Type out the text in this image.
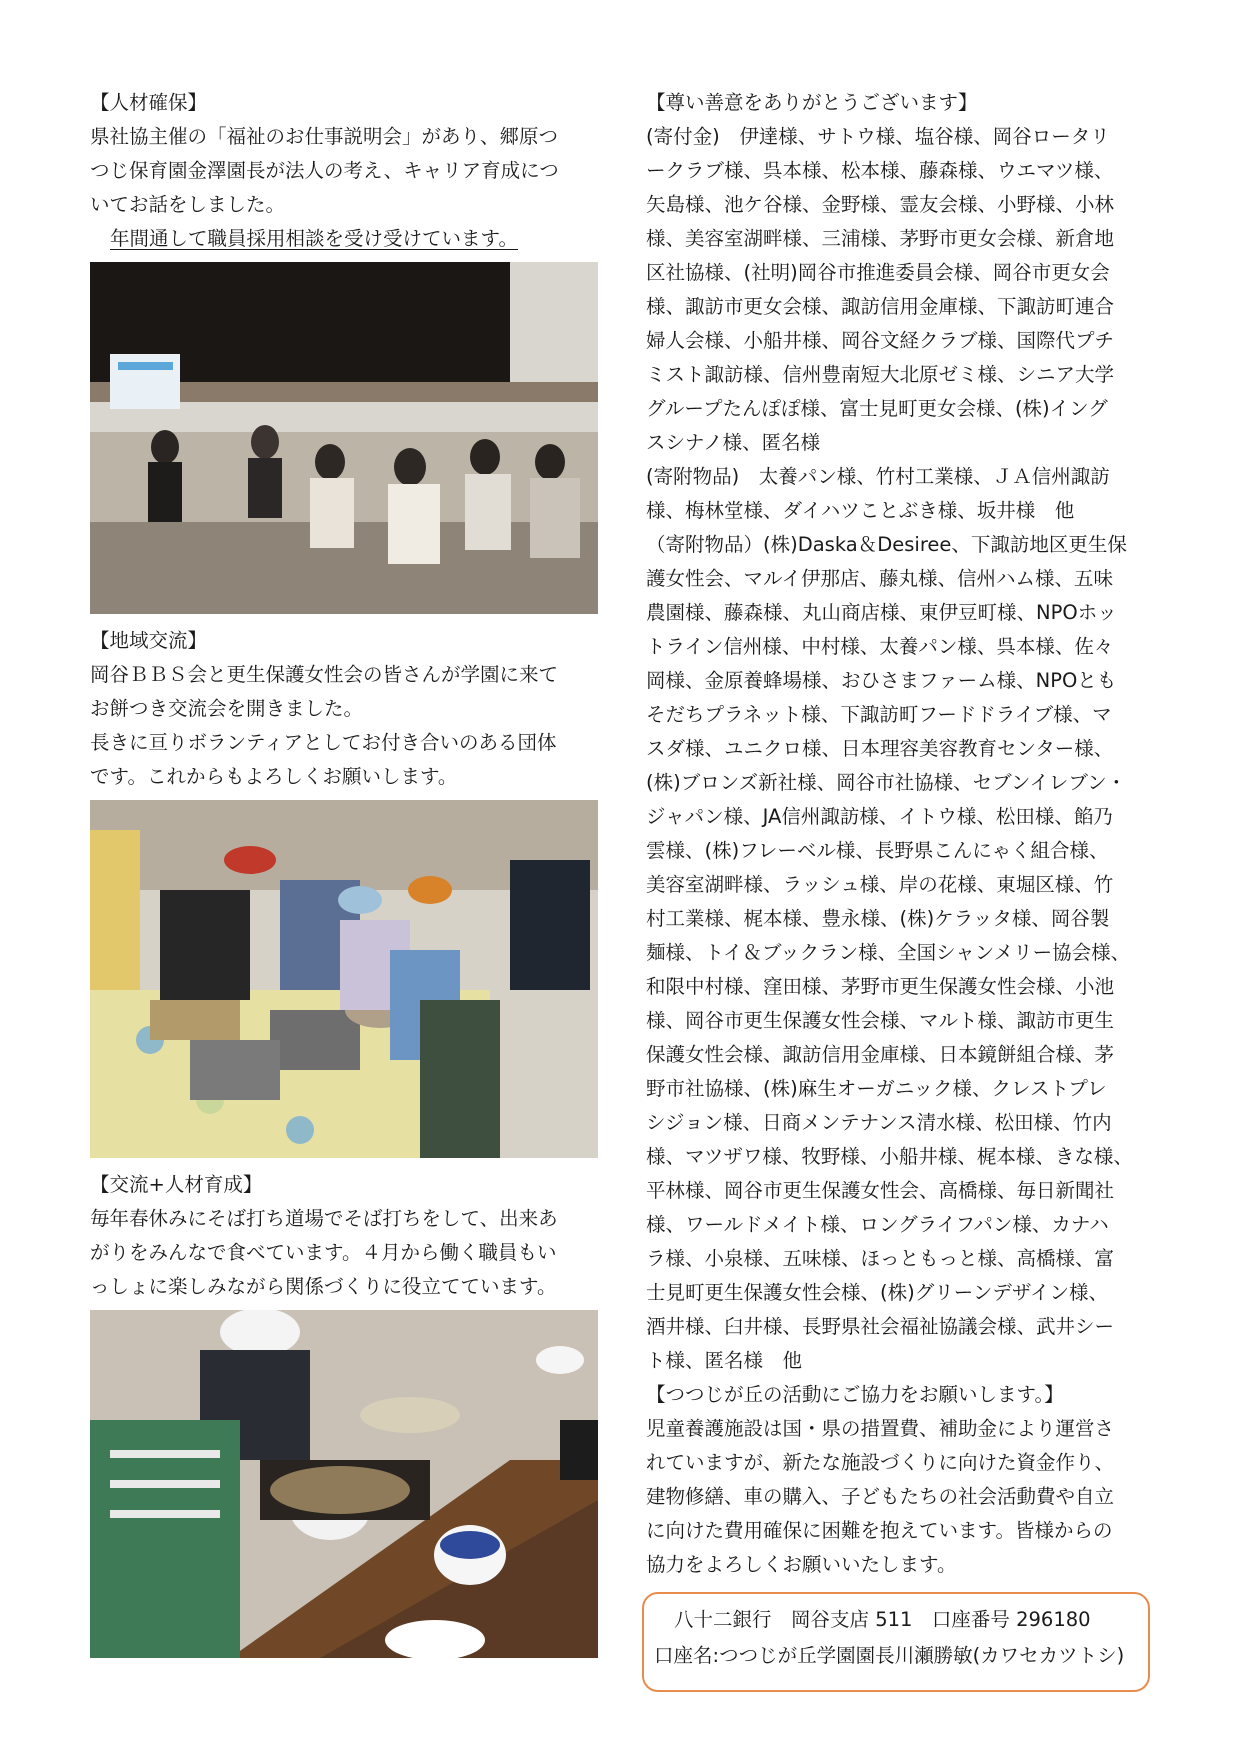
【人材確保】
県社協主催の「福祉のお仕事説明会」があり、郷原つ
つじ保育園金澤園長が法人の考え、キャリア育成につ
いてお話をしました。
年間通して職員採用相談を受け受けています。
【地域交流】
岡谷ＢＢＳ会と更生保護女性会の皆さんが学園に来て
お餅つき交流会を開きました。
長きに亘りボランティアとしてお付き合いのある団体
です。これからもよろしくお願いします。
【交流+人材育成】
毎年春休みにそば打ち道場でそば打ちをして、出来あ
がりをみんなで食べています。４月から働く職員もい
っしょに楽しみながら関係づくりに役立てています。
【尊い善意をありがとうございます】
(寄付金)　伊達様、サトウ様、塩谷様、岡谷ロータリ
ークラブ様、呉本様、松本様、藤森様、ウエマツ様、
矢島様、池ケ谷様、金野様、霊友会様、小野様、小林
様、美容室湖畔様、三浦様、茅野市更女会様、新倉地
区社協様、(社明)岡谷市推進委員会様、岡谷市更女会
様、諏訪市更女会様、諏訪信用金庫様、下諏訪町連合
婦人会様、小船井様、岡谷文経クラブ様、国際代プチ
ミスト諏訪様、信州豊南短大北原ゼミ様、シニア大学
グループたんぽぽ様、富士見町更女会様、(株)イング
スシナノ様、匿名様
(寄附物品)　太養パン様、竹村工業様、ＪＡ信州諏訪
様、梅林堂様、ダイハツことぶき様、坂井様　他
（寄附物品）(株)Daska＆Desiree、下諏訪地区更生保
護女性会、マルイ伊那店、藤丸様、信州ハム様、五味
農園様、藤森様、丸山商店様、東伊豆町様、NPOホッ
トライン信州様、中村様、太養パン様、呉本様、佐々
岡様、金原養蜂場様、おひさまファーム様、NPOとも
そだちプラネット様、下諏訪町フードドライブ様、マ
スダ様、ユニクロ様、日本理容美容教育センター様、
(株)ブロンズ新社様、岡谷市社協様、セブンイレブン・
ジャパン様、JA信州諏訪様、イトウ様、松田様、餡乃
雲様、(株)フレーベル様、長野県こんにゃく組合様、
美容室湖畔様、ラッシュ様、岸の花様、東堀区様、竹
村工業様、梶本様、豊永様、(株)ケラッタ様、岡谷製
麺様、トイ＆ブックラン様、全国シャンメリー協会様、
和限中村様、窪田様、茅野市更生保護女性会様、小池
様、岡谷市更生保護女性会様、マルト様、諏訪市更生
保護女性会様、諏訪信用金庫様、日本鏡餅組合様、茅
野市社協様、(株)麻生オーガニック様、クレストプレ
シジョン様、日商メンテナンス清水様、松田様、竹内
様、マツザワ様、牧野様、小船井様、梶本様、きな様、
平林様、岡谷市更生保護女性会、高橋様、毎日新聞社
様、ワールドメイト様、ロングライフパン様、カナハ
ラ様、小泉様、五味様、ほっともっと様、高橋様、富
士見町更生保護女性会様、(株)グリーンデザイン様、
酒井様、臼井様、長野県社会福祉協議会様、武井シー
ト様、匿名様　他
【つつじが丘の活動にご協力をお願いします。】
児童養護施設は国・県の措置費、補助金により運営さ
れていますが、新たな施設づくりに向けた資金作り、
建物修繕、車の購入、子どもたちの社会活動費や自立
に向けた費用確保に困難を抱えています。皆様からの
協力をよろしくお願いいたします。
八十二銀行　岡谷支店 511　口座番号 296180
口座名:つつじが丘学園園長川瀬勝敏(カワセカツトシ)
